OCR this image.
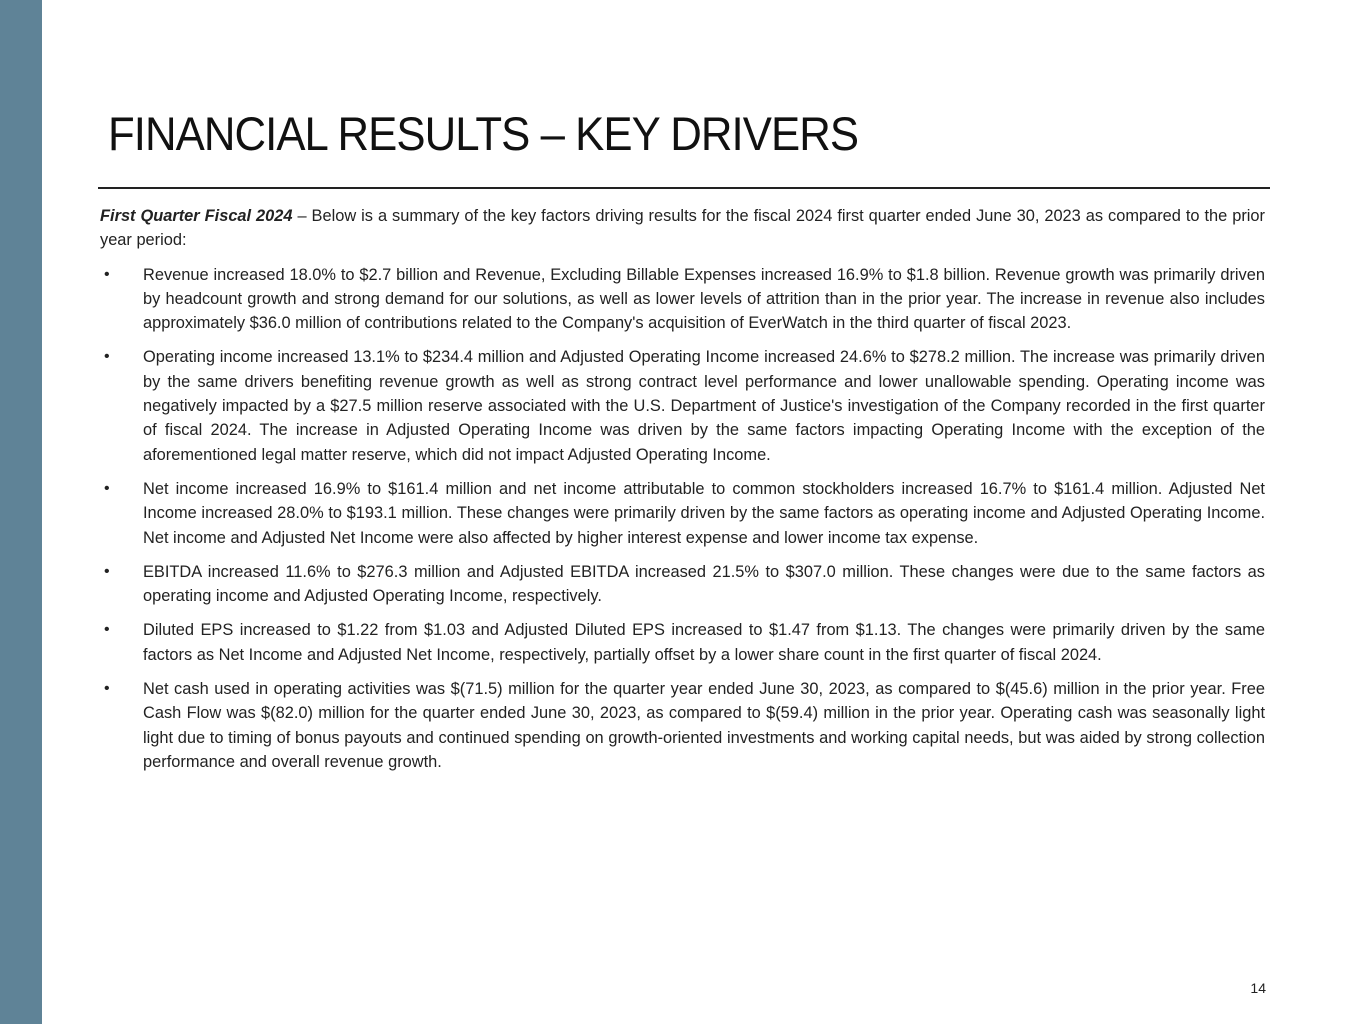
FINANCIAL RESULTS – KEY DRIVERS

First Quarter Fiscal 2024 – Below is a summary of the key factors driving results for the fiscal 2024 first quarter ended June 30, 2023 as compared to the prior year period:

• Revenue increased 18.0% to $2.7 billion and Revenue, Excluding Billable Expenses increased 16.9% to $1.8 billion. Revenue growth was primarily driven by headcount growth and strong demand for our solutions, as well as lower levels of attrition than in the prior year. The increase in revenue also includes approximately $36.0 million of contributions related to the Company's acquisition of EverWatch in the third quarter of fiscal 2023.
• Operating income increased 13.1% to $234.4 million and Adjusted Operating Income increased 24.6% to $278.2 million. The increase was primarily driven by the same drivers benefiting revenue growth as well as strong contract level performance and lower unallowable spending. Operating income was negatively impacted by a $27.5 million reserve associated with the U.S. Department of Justice's investigation of the Company recorded in the first quarter of fiscal 2024. The increase in Adjusted Operating Income was driven by the same factors impacting Operating Income with the exception of the aforementioned legal matter reserve, which did not impact Adjusted Operating Income.
• Net income increased 16.9% to $161.4 million and net income attributable to common stockholders increased 16.7% to $161.4 million. Adjusted Net Income increased 28.0% to $193.1 million. These changes were primarily driven by the same factors as operating income and Adjusted Operating Income. Net income and Adjusted Net Income were also affected by higher interest expense and lower income tax expense.
• EBITDA increased 11.6% to $276.3 million and Adjusted EBITDA increased 21.5% to $307.0 million. These changes were due to the same factors as operating income and Adjusted Operating Income, respectively.
• Diluted EPS increased to $1.22 from $1.03 and Adjusted Diluted EPS increased to $1.47 from $1.13. The changes were primarily driven by the same factors as Net Income and Adjusted Net Income, respectively, partially offset by a lower share count in the first quarter of fiscal 2024.
• Net cash used in operating activities was $(71.5) million for the quarter year ended June 30, 2023, as compared to $(45.6) million in the prior year. Free Cash Flow was $(82.0) million for the quarter ended June 30, 2023, as compared to $(59.4) million in the prior year. Operating cash was seasonally light light due to timing of bonus payouts and continued spending on growth-oriented investments and working capital needs, but was aided by strong collection performance and overall revenue growth.
14
